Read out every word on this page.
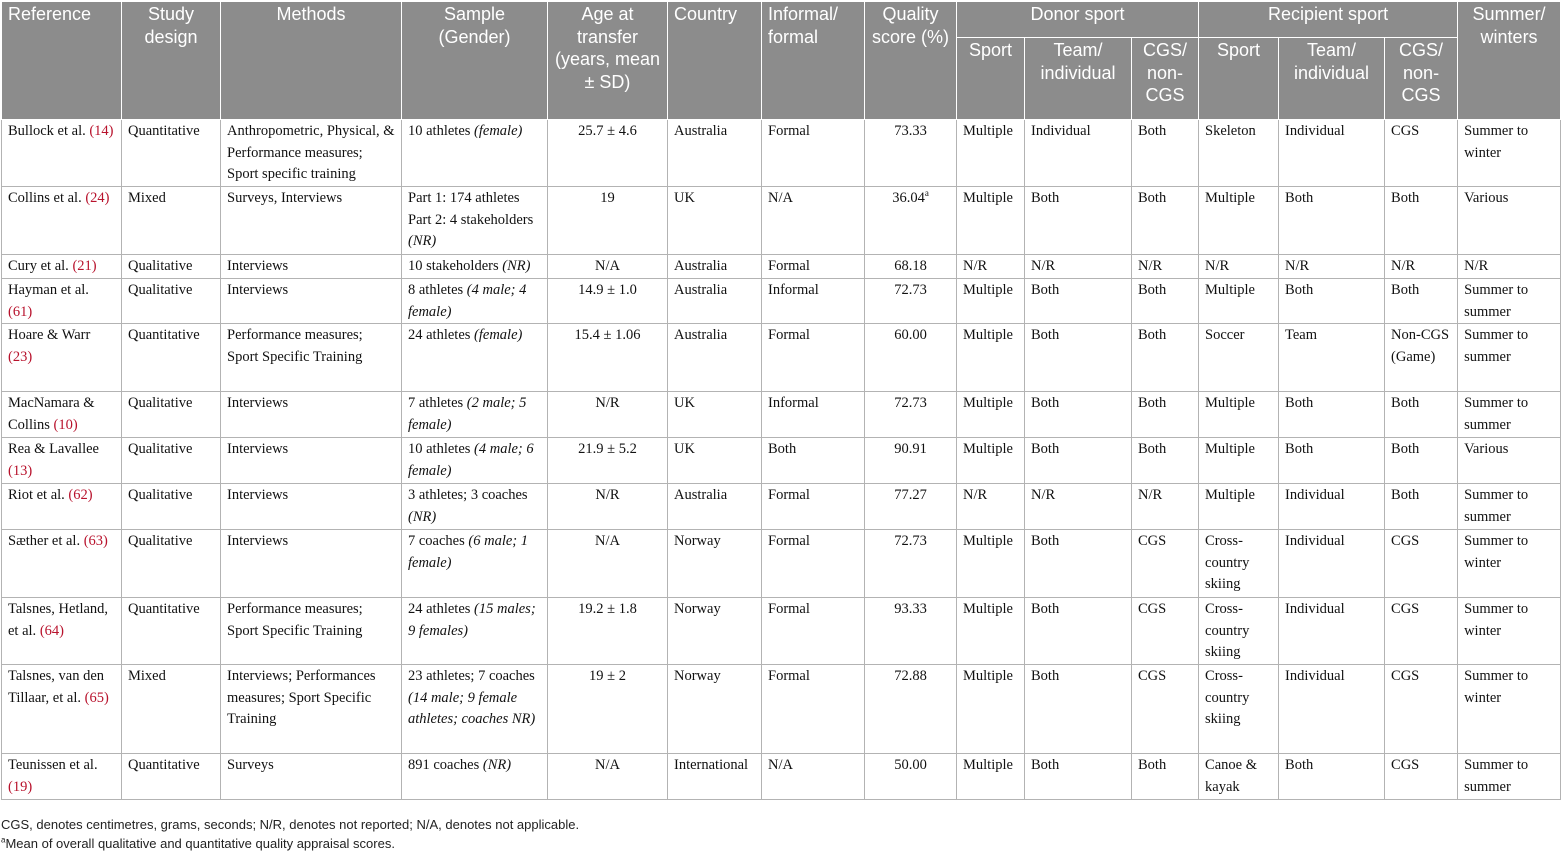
Reference	Study design	Methods	Sample (Gender)	Age at transfer (years, mean ± SD)	Country	Informal/ formal	Quality score (%)	Donor sport			Recipient sport			Summer/ winters
								Sport	Team/ individual	CGS/ non-CGS	Sport	Team/ individual	CGS/ non-CGS	
Bullock et al. (14)	Quantitative	Anthropometric, Physical, & Performance measures; Sport specific training	10 athletes (female)	25.7 ± 4.6	Australia	Formal	73.33	Multiple	Individual	Both	Skeleton	Individual	CGS	Summer to winter
Collins et al. (24)	Mixed	Surveys, Interviews	Part 1: 174 athletes Part 2: 4 stakeholders (NR)	19	UK	N/A	36.04$^a$	Multiple	Both	Both	Multiple	Both	Both	Various
Cury et al. (21)	Qualitative	Interviews	10 stakeholders (NR)	N/A	Australia	Formal	68.18	N/R	N/R	N/R	N/R	N/R	N/R	N/R
Hayman et al. (61)	Qualitative	Interviews	8 athletes (4 male; 4 female)	14.9 ± 1.0	Australia	Informal	72.73	Multiple	Both	Both	Multiple	Both	Both	Summer to summer
Hoare & Warr (23)	Quantitative	Performance measures; Sport Specific Training	24 athletes (female)	15.4 ± 1.06	Australia	Formal	60.00	Multiple	Both	Both	Soccer	Team	Non-CGS (Game)	Summer to summer
MacNamara & Collins (10)	Qualitative	Interviews	7 athletes (2 male; 5 female)	N/R	UK	Informal	72.73	Multiple	Both	Both	Multiple	Both	Both	Summer to summer
Rea & Lavallee (13)	Qualitative	Interviews	10 athletes (4 male; 6 female)	21.9 ± 5.2	UK	Both	90.91	Multiple	Both	Both	Multiple	Both	Both	Various
Riot et al. (62)	Qualitative	Interviews	3 athletes; 3 coaches (NR)	N/R	Australia	Formal	77.27	N/R	N/R	N/R	Multiple	Individual	Both	Summer to summer
Sæther et al. (63)	Qualitative	Interviews	7 coaches (6 male; 1 female)	N/A	Norway	Formal	72.73	Multiple	Both	CGS	Cross-country skiing	Individual	CGS	Summer to winter
Talsnes, Hetland, et al. (64)	Quantitative	Performance measures; Sport Specific Training	24 athletes (15 males; 9 females)	19.2 ± 1.8	Norway	Formal	93.33	Multiple	Both	CGS	Cross-country skiing	Individual	CGS	Summer to winter
Talsnes, van den Tillaar, et al. (65)	Mixed	Interviews; Performances measures; Sport Specific Training	23 athletes; 7 coaches (14 male; 9 female athletes; coaches NR)	19 ± 2	Norway	Formal	72.88	Multiple	Both	CGS	Cross-country skiing	Individual	CGS	Summer to winter
Teunissen et al. (19)	Quantitative	Surveys	891 coaches (NR)	N/A	International	N/A	50.00	Multiple	Both	Both	Canoe & kayak	Both	CGS	Summer to summer
CGS, denotes centimetres, grams, seconds; N/R, denotes not reported; N/A, denotes not applicable.
$^a$Mean of overall qualitative and quantitative quality appraisal scores.
